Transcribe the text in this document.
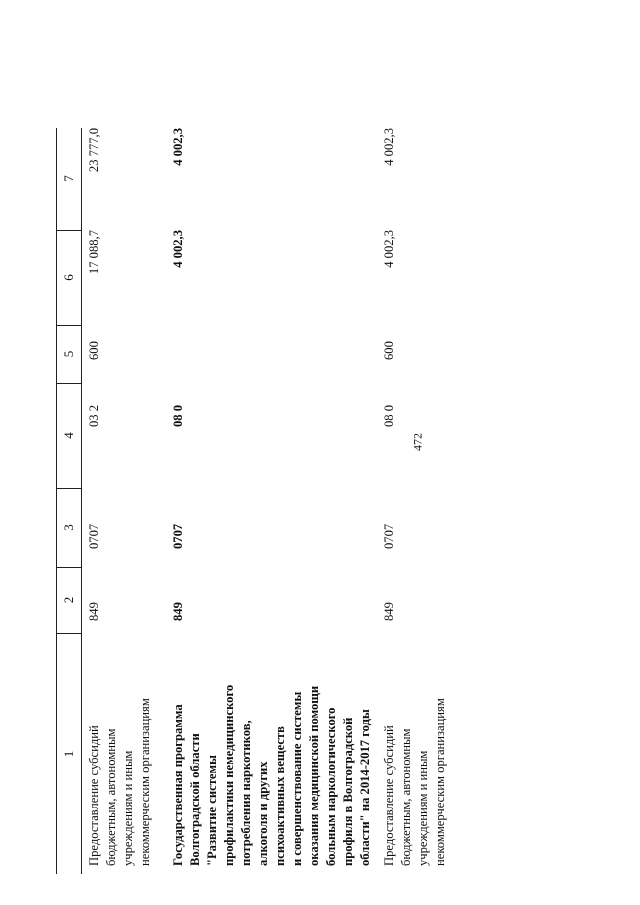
472
1
2
3
4
5
6
7
Предоставление субсидий бюджетным, автономным учреждениям и иным некоммерческим организациям
849
0707
03 2
600
17 088,7
23 777,0
Государственная программа Волгоградской области "Развитие системы профилактики немедицинского потребления наркотиков, алкоголя и других психоактивных веществ и совершенствование системы оказания медицинской помощи больным наркологического профиля в Волгоградской области" на 2014-2017 годы
849
0707
08 0
4 002,3
4 002,3
Предоставление субсидий бюджетным, автономным учреждениям и иным некоммерческим организациям
849
0707
08 0
600
4 002,3
4 002,3
